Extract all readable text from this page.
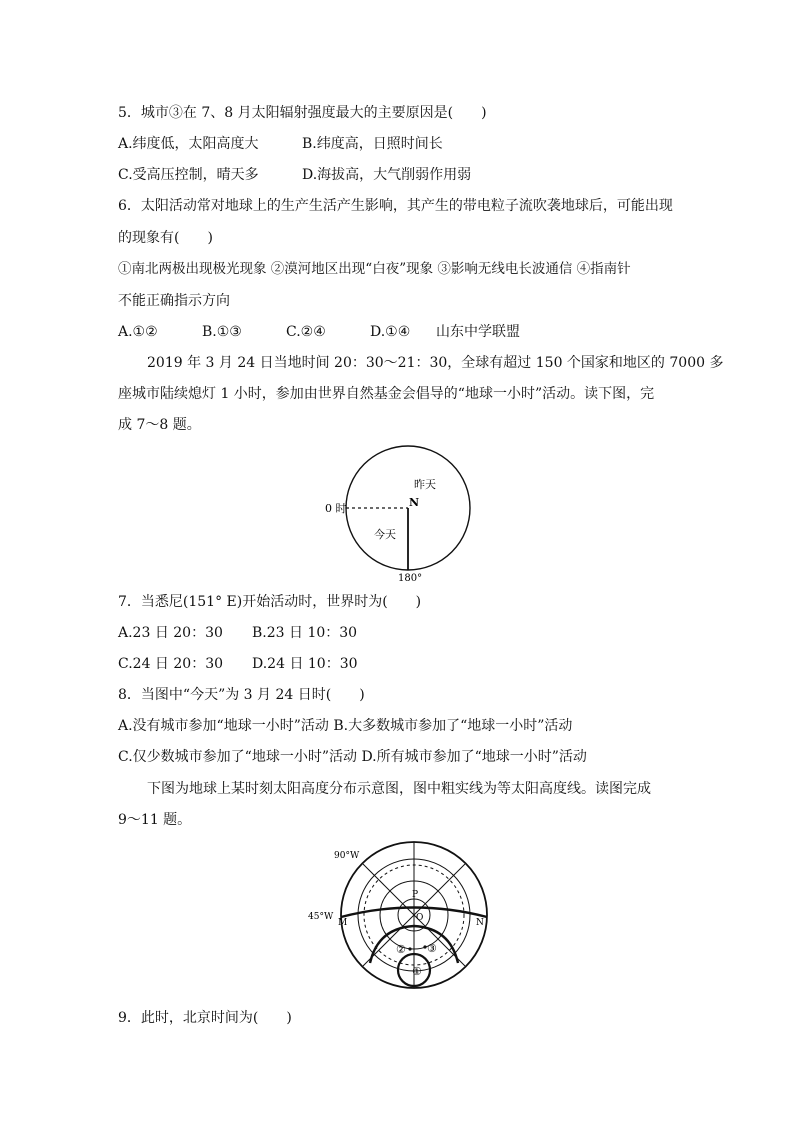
5．城市③在 7、8 月太阳辐射强度最大的主要原因是(　　)
A.纬度低，太阳高度大	B.纬度高，日照时间长
C.受高压控制，晴天多	D.海拔高，大气削弱作用弱
6．太阳活动常对地球上的生产生活产生影响，其产生的带电粒子流吹袭地球后，可能出现
的现象有(　　)
①南北两极出现极光现象 ②漠河地区出现“白夜”现象 ③影响无线电长波通信 ④指南针
不能正确指示方向
A.①②	B.①③	C.②④	D.①④ 山东中学联盟
2019 年 3 月 24 日当地时间 20：30～21：30，全球有超过 150 个国家和地区的 7000 多
座城市陆续熄灯 1 小时，参加由世界自然基金会倡导的“地球一小时”活动。读下图，完
成 7～8 题。
0 时	N
昨天
今天
180°
7．当悉尼(151° E)开始活动时，世界时为(　　)
A.23 日 20：30 B.23 日 10：30
C.24 日 20：30 D.24 日 10：30
8．当图中“今天”为 3 月 24 日时(　　)
A.没有城市参加“地球一小时”活动 B.大多数城市参加了“地球一小时”活动
C.仅少数城市参加了“地球一小时”活动 D.所有城市参加了“地球一小时”活动
下图为地球上某时刻太阳高度分布示意图，图中粗实线为等太阳高度线。读图完成
9～11 题。
90°W
45°W
M	N
P
O
② ③
①
9．此时，北京时间为(　　)
